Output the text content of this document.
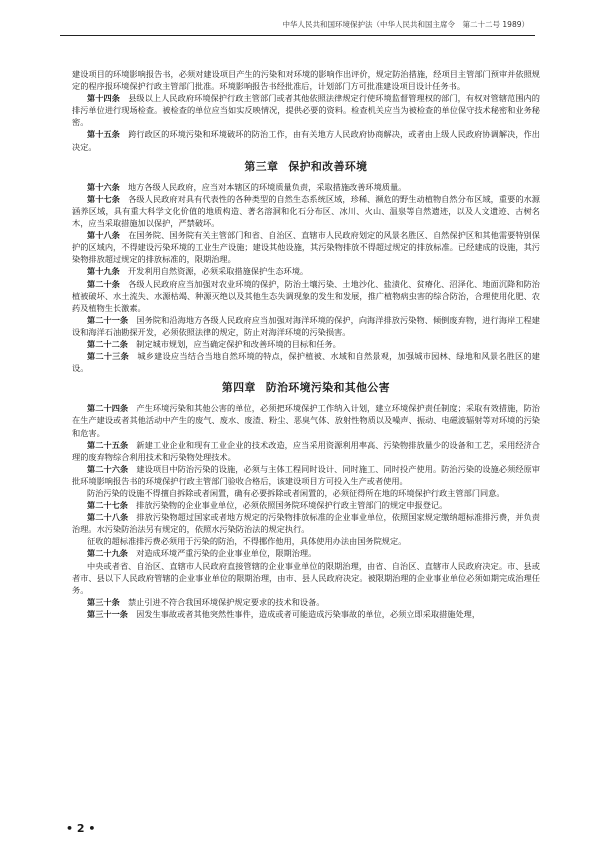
中华人民共和国环境保护法（中华人民共和国主席令　第二十二号 1989）

建设项目的环境影响报告书，必须对建设项目产生的污染和对环境的影响作出评价，规定防治措施，经项目主管部门预审并依照规定的程序报环境保护行政主管部门批准。环境影响报告书经批准后，计划部门方可批准建设项目设计任务书。

第十四条  县级以上人民政府环境保护行政主管部门或者其他依照法律规定行使环境监督管理权的部门，有权对管辖范围内的排污单位进行现场检查。被检查的单位应当如实反映情况，提供必要的资料。检查机关应当为被检查的单位保守技术秘密和业务秘密。

第十五条  跨行政区的环境污染和环境破坏的防治工作，由有关地方人民政府协商解决，或者由上级人民政府协调解决，作出决定。

第三章 保护和改善环境

第十六条  地方各级人民政府，应当对本辖区的环境质量负责，采取措施改善环境质量。

第十七条  各级人民政府对具有代表性的各种类型的自然生态系统区域，珍稀、濒危的野生动植物自然分布区域，重要的水源涵养区域，具有重大科学文化价值的地质构造、著名溶洞和化石分布区、冰川、火山、温泉等自然遗迹，以及人文遗迹、古树名木，应当采取措施加以保护，严禁破坏。

第十八条  在国务院、国务院有关主管部门和省、自治区、直辖市人民政府划定的风景名胜区、自然保护区和其他需要特别保护的区域内，不得建设污染环境的工业生产设施；建设其他设施，其污染物排放不得超过规定的排放标准。已经建成的设施，其污染物排放超过规定的排放标准的，限期治理。

第十九条  开发利用自然资源，必须采取措施保护生态环境。

第二十条  各级人民政府应当加强对农业环境的保护，防治土壤污染、土地沙化、盐渍化、贫瘠化、沼泽化、地面沉降和防治植被破坏、水土流失、水源枯竭、种源灭绝以及其他生态失调现象的发生和发展，推广植物病虫害的综合防治，合理使用化肥、农药及植物生长激素。

第二十一条  国务院和沿海地方各级人民政府应当加强对海洋环境的保护，向海洋排放污染物、倾倒废弃物，进行海岸工程建设和海洋石油勘探开发，必须依照法律的规定，防止对海洋环境的污染损害。

第二十二条  制定城市规划，应当确定保护和改善环境的目标和任务。

第二十三条  城乡建设应当结合当地自然环境的特点，保护植被、水域和自然景观，加强城市园林、绿地和风景名胜区的建设。

第四章 防治环境污染和其他公害

第二十四条  产生环境污染和其他公害的单位，必须把环境保护工作纳入计划，建立环境保护责任制度；采取有效措施，防治在生产建设或者其他活动中产生的废气、废水、废渣、粉尘、恶臭气体、放射性物质以及噪声、振动、电磁波辐射等对环境的污染和危害。

第二十五条  新建工业企业和现有工业企业的技术改造，应当采用资源利用率高、污染物排放量少的设备和工艺，采用经济合理的废弃物综合利用技术和污染物处理技术。

第二十六条  建设项目中防治污染的设施，必须与主体工程同时设计、同时施工、同时投产使用。防治污染的设施必须经原审批环境影响报告书的环境保护行政主管部门验收合格后，该建设项目方可投入生产或者使用。

防治污染的设施不得擅自拆除或者闲置，确有必要拆除或者闲置的，必须征得所在地的环境保护行政主管部门同意。

第二十七条  排放污染物的企业事业单位，必须依照国务院环境保护行政主管部门的规定申报登记。

第二十八条  排放污染物超过国家或者地方规定的污染物排放标准的企业事业单位，依照国家规定缴纳超标准排污费，并负责治理。水污染防治法另有规定的，依照水污染防治法的规定执行。

征收的超标准排污费必须用于污染的防治，不得挪作他用，具体使用办法由国务院规定。

第二十九条  对造成环境严重污染的企业事业单位，限期治理。

中央或者省、自治区、直辖市人民政府直接管辖的企业事业单位的限期治理，由省、自治区、直辖市人民政府决定。市、县或者市、县以下人民政府管辖的企业事业单位的限期治理，由市、县人民政府决定。被限期治理的企业事业单位必须如期完成治理任务。

第三十条  禁止引进不符合我国环境保护规定要求的技术和设备。

第三十一条  因发生事故或者其他突然性事件，造成或者可能造成污染事故的单位，必须立即采取措施处理，

• 2 •
